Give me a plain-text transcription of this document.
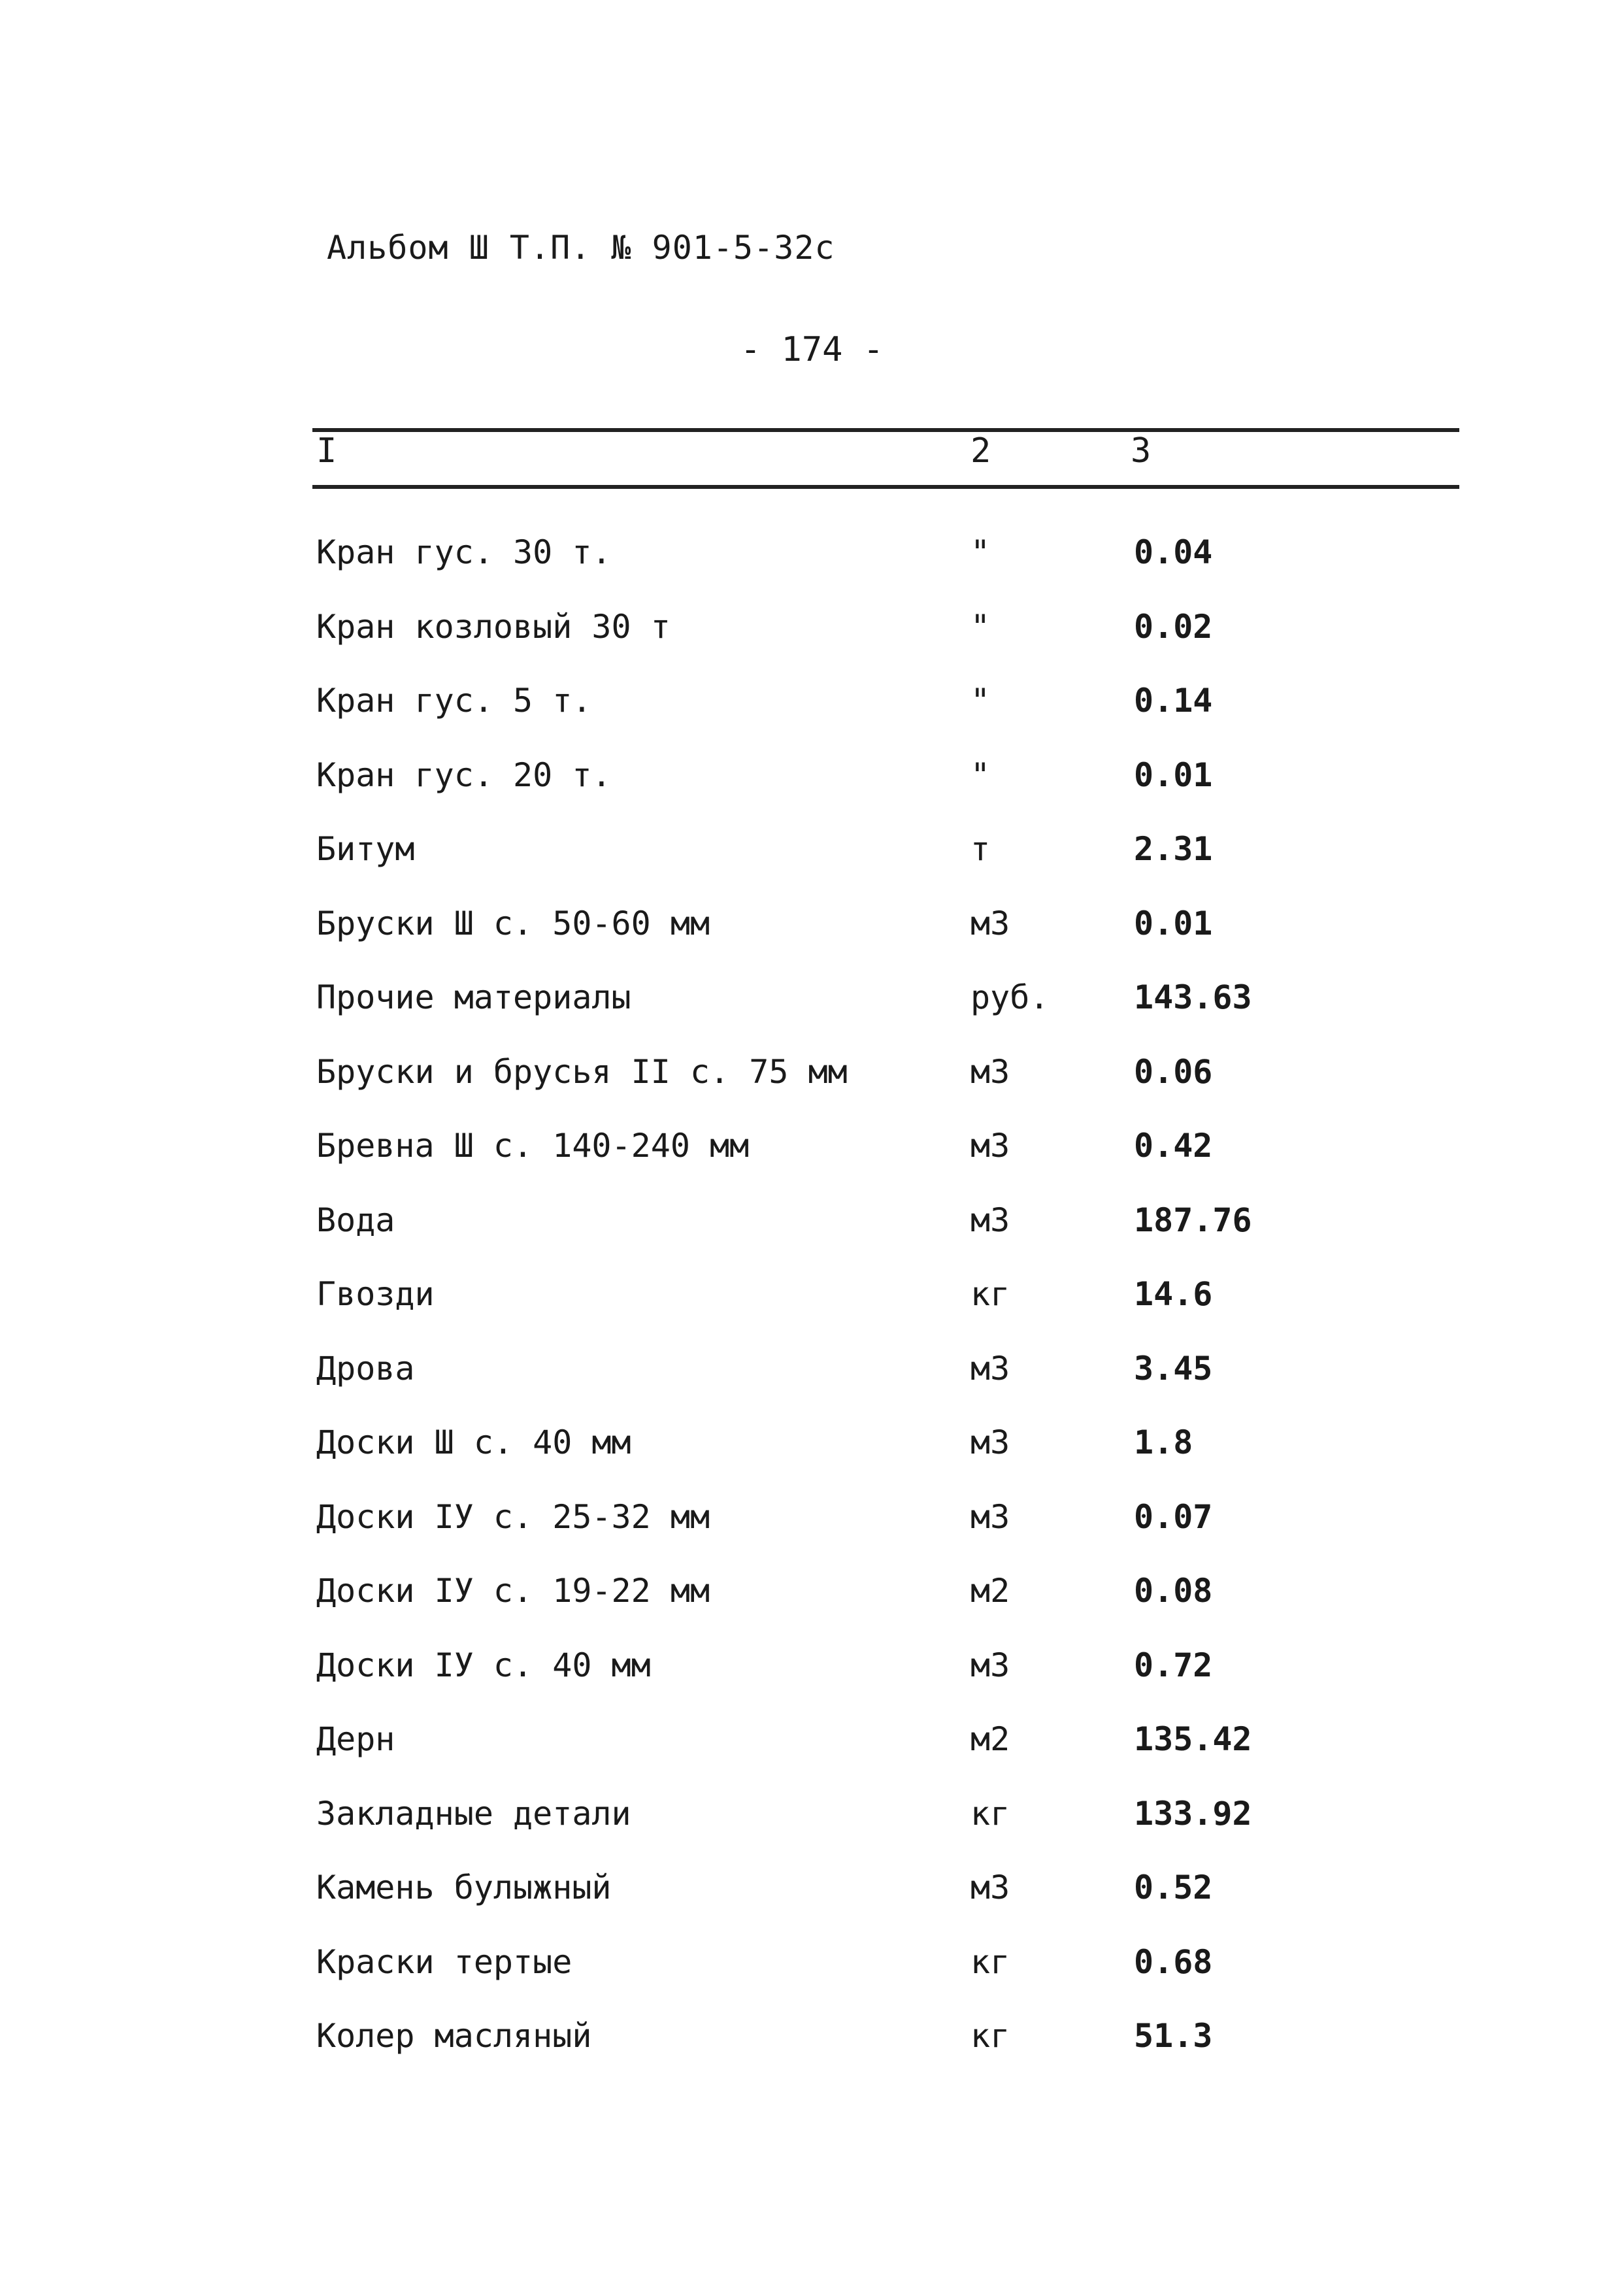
Альбом Ш Т.П. № 901-5-32с
- 174 -
I	2	3
Кран гус. 30 т.	"	0.04
Кран козловый 30 т	"	0.02
Кран гус. 5 т.	"	0.14
Кран гус. 20 т.	"	0.01
Битум	т	2.31
Бруски Ш с. 50-60 мм	м3	0.01
Прочие материалы	руб.	143.63
Бруски и брусья II с. 75 мм	м3	0.06
Бревна Ш с. 140-240 мм	м3	0.42
Вода	м3	187.76
Гвозди	кг	14.6
Дрова	м3	3.45
Доски Ш с. 40 мм	м3	1.8
Доски IУ с. 25-32 мм	м3	0.07
Доски IУ с. 19-22 мм	м2	0.08
Доски IУ с. 40 мм	м3	0.72
Дерн	м2	135.42
Закладные детали	кг	133.92
Камень булыжный	м3	0.52
Краски тертые	кг	0.68
Колер масляный	кг	51.3
